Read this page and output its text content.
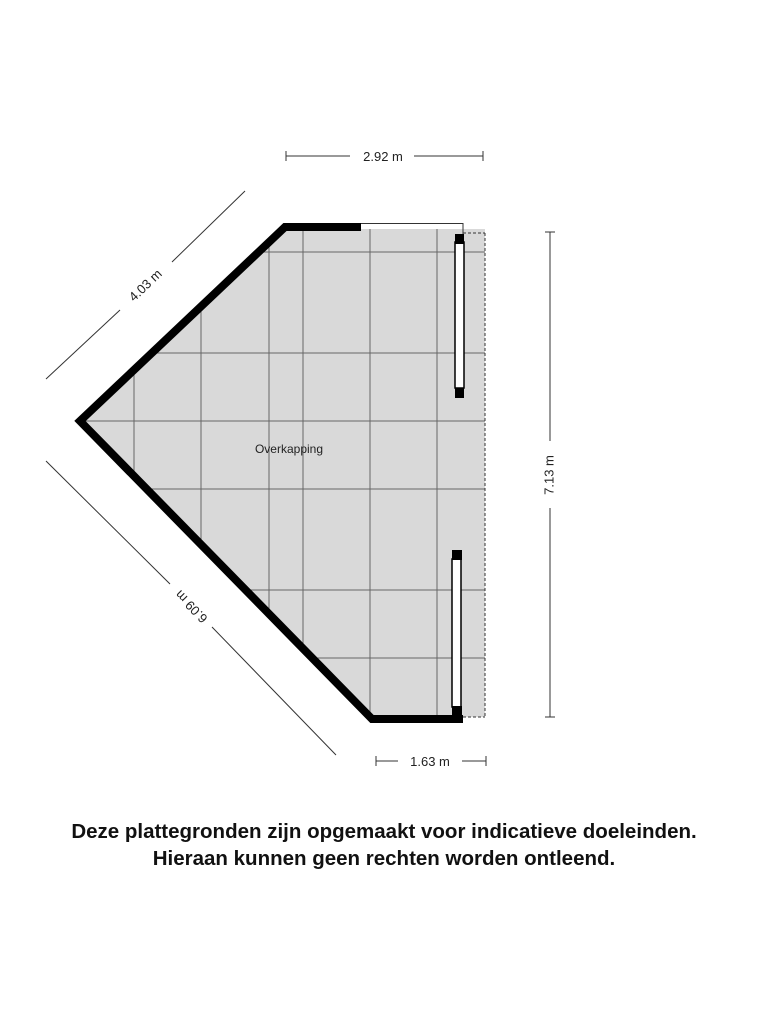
Overkapping
2.92 m
4.03 m
6.09 m
7.13 m
1.63 m
Deze plattegronden zijn opgemaakt voor indicatieve doeleinden.
Hieraan kunnen geen rechten worden ontleend.
